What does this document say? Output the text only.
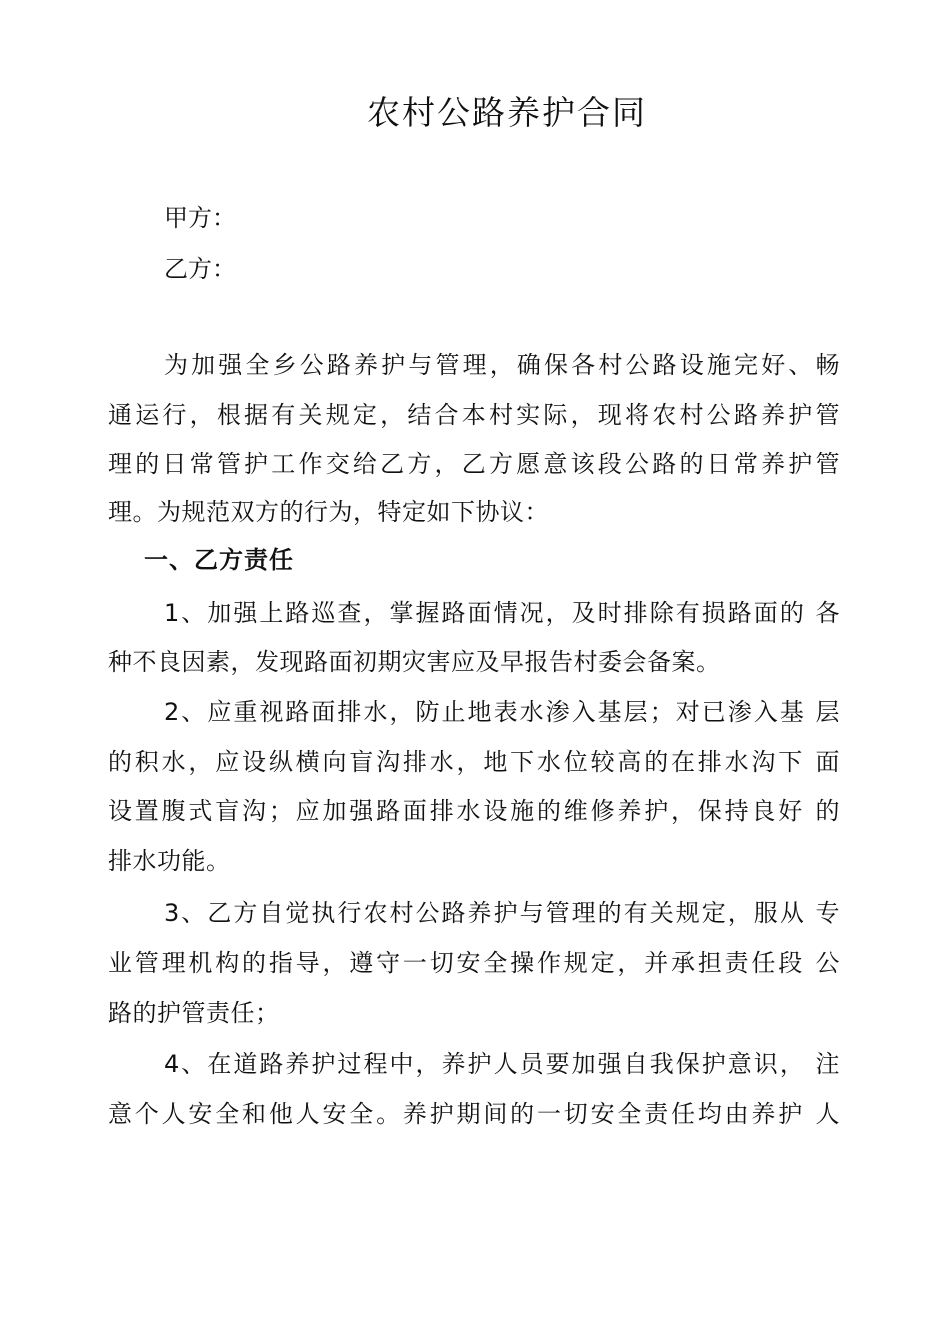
农村公路养护合同
甲方：
乙方：
为加强全乡公路养护与管理，确保各村公路设施完好、畅
通运行，根据有关规定，结合本村实际，现将农村公路养护管
理的日常管护工作交给乙方，乙方愿意该段公路的日常养护管
理。为规范双方的行为，特定如下协议：
一、乙方责任
1、加强上路巡查，掌握路面情况，及时排除有损路面的 各
种不良因素，发现路面初期灾害应及早报告村委会备案。
2、应重视路面排水，防止地表水渗入基层；对已渗入基 层
的积水，应设纵横向盲沟排水，地下水位较高的在排水沟下 面
设置腹式盲沟；应加强路面排水设施的维修养护，保持良好 的
排水功能。
3、乙方自觉执行农村公路养护与管理的有关规定，服从 专
业管理机构的指导，遵守一切安全操作规定，并承担责任段 公
路的护管责任；
4、在道路养护过程中，养护人员要加强自我保护意识， 注
意个人安全和他人安全。养护期间的一切安全责任均由养护 人
